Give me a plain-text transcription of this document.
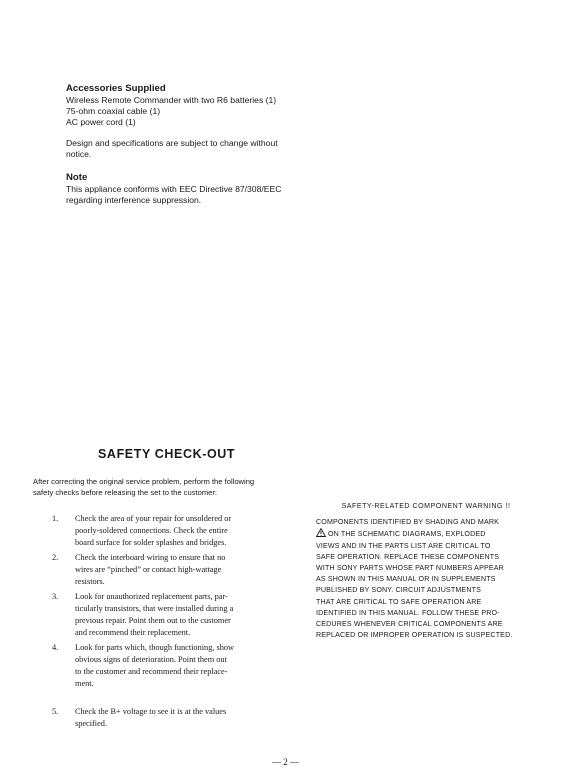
Accessories Supplied
Wireless Remote Commander with two R6 batteries (1)
75-ohm coaxial cable (1)
AC power cord (1)
Design and specifications are subject to change without
notice.
Note
This appliance conforms with EEC Directive 87/308/EEC
regarding interference suppression.
SAFETY CHECK-OUT
After correcting the original service problem, perform the following
safety checks before releasing the set to the customer:
1.	Check the area of your repair for unsoldered or
poorly-soldered connections. Check the entire
board surface for solder splashes and bridges.
2.	Check the interboard wiring to ensure that no
wires are “pinched” or contact high-wattage
resistors.
3.	Look for unauthorized replacement parts, par-
ticularly transistors, that were installed during a
previous repair. Point them out to the customer
and recommend their replacement.
4.	Look for parts which, though functioning, show
obvious signs of deterioration. Point them out
to the customer and recommend their replace-
ment.
5.	Check the B+ voltage to see it is at the values
specified.
SAFETY-RELATED COMPONENT WARNING !!
COMPONENTS IDENTIFIED BY SHADING AND MARK
ON THE SCHEMATIC DIAGRAMS, EXPLODED
VIEWS AND IN THE PARTS LIST ARE CRITICAL TO
SAFE OPERATION. REPLACE THESE COMPONENTS
WITH SONY PARTS WHOSE PART NUMBERS APPEAR
AS SHOWN IN THIS MANUAL OR IN SUPPLEMENTS
PUBLISHED BY SONY. CIRCUIT ADJUSTMENTS
THAT ARE CRITICAL TO SAFE OPERATION ARE
IDENTIFIED IN THIS MANUAL. FOLLOW THESE PRO-
CEDURES WHENEVER CRITICAL COMPONENTS ARE
REPLACED OR IMPROPER OPERATION IS SUSPECTED.
— 2 —
